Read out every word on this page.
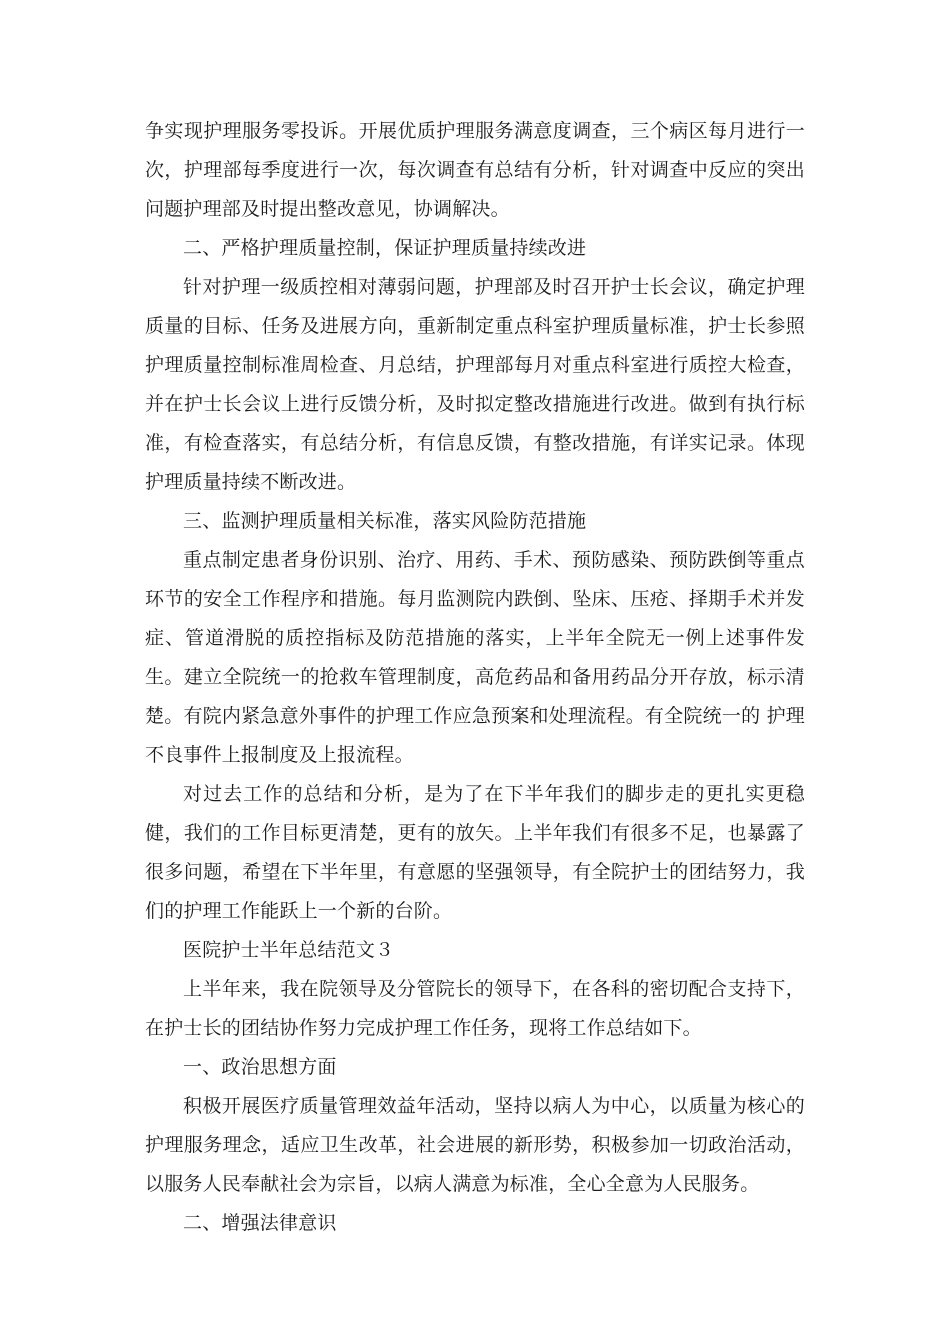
争实现护理服务零投诉。开展优质护理服务满意度调查，三个病区每月进行一次，护理部每季度进行一次，每次调查有总结有分析，针对调查中反应的突出问题护理部及时提出整改意见，协调解决。

二、严格护理质量控制，保证护理质量持续改进

针对护理一级质控相对薄弱问题，护理部及时召开护士长会议，确定护理质量的目标、任务及进展方向，重新制定重点科室护理质量标准，护士长参照护理质量控制标准周检查、月总结，护理部每月对重点科室进行质控大检查，并在护士长会议上进行反馈分析，及时拟定整改措施进行改进。做到有执行标准，有检查落实，有总结分析，有信息反馈，有整改措施，有详实记录。体现护理质量持续不断改进。

三、监测护理质量相关标准，落实风险防范措施

重点制定患者身份识别、治疗、用药、手术、预防感染、预防跌倒等重点环节的安全工作程序和措施。每月监测院内跌倒、坠床、压疮、择期手术并发症、管道滑脱的质控指标及防范措施的落实，上半年全院无一例上述事件发生。建立全院统一的抢救车管理制度，高危药品和备用药品分开存放，标示清楚。有院内紧急意外事件的护理工作应急预案和处理流程。有全院统一的 护理不良事件上报制度及上报流程。

对过去工作的总结和分析，是为了在下半年我们的脚步走的更扎实更稳健，我们的工作目标更清楚，更有的放矢。上半年我们有很多不足，也暴露了很多问题，希望在下半年里，有意愿的坚强领导，有全院护士的团结努力，我们的护理工作能跃上一个新的台阶。

医院护士半年总结范文３

上半年来，我在院领导及分管院长的领导下，在各科的密切配合支持下，在护士长的团结协作努力完成护理工作任务，现将工作总结如下。

一、政治思想方面

积极开展医疗质量管理效益年活动，坚持以病人为中心，以质量为核心的护理服务理念，适应卫生改革，社会进展的新形势，积极参加一切政治活动，以服务人民奉献社会为宗旨，以病人满意为标准，全心全意为人民服务。

二、增强法律意识
